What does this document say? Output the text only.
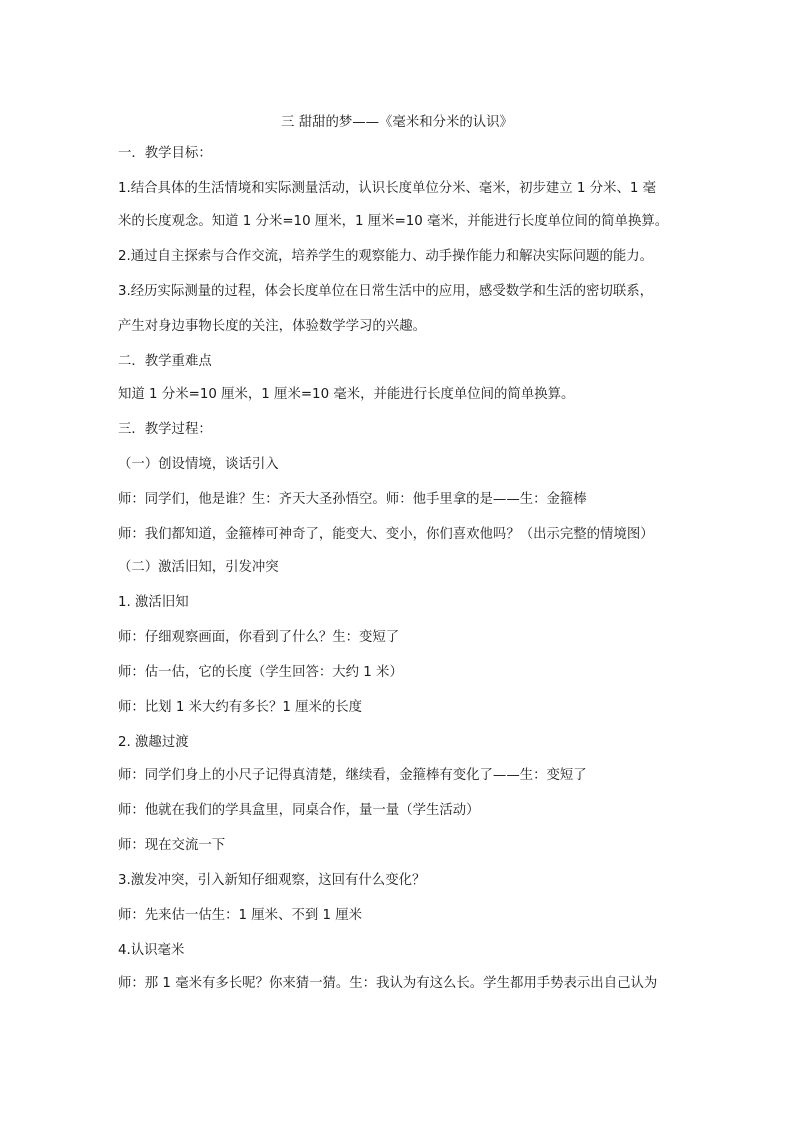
三 甜甜的梦——《毫米和分米的认识》
一．教学目标：
1.结合具体的生活情境和实际测量活动，认识长度单位分米、毫米，初步建立 1 分米、1 毫
米的长度观念。知道 1 分米=10 厘米，1 厘米=10 毫米，并能进行长度单位间的简单换算。
2.通过自主探索与合作交流，培养学生的观察能力、动手操作能力和解决实际问题的能力。
3.经历实际测量的过程，体会长度单位在日常生活中的应用，感受数学和生活的密切联系，
产生对身边事物长度的关注，体验数学学习的兴趣。
二．教学重难点
知道 1 分米=10 厘米，1 厘米=10 毫米，并能进行长度单位间的简单换算。
三．教学过程：
（一）创设情境，谈话引入
师：同学们，他是谁？生：齐天大圣孙悟空。师：他手里拿的是——生：金箍棒
师：我们都知道，金箍棒可神奇了，能变大、变小，你们喜欢他吗？（出示完整的情境图）
（二）激活旧知，引发冲突
1. 激活旧知
师：仔细观察画面，你看到了什么？生：变短了
师：估一估，它的长度（学生回答：大约 1 米）
师：比划 1 米大约有多长？1 厘米的长度
2. 激趣过渡
师：同学们身上的小尺子记得真清楚，继续看，金箍棒有变化了——生：变短了
师：他就在我们的学具盒里，同桌合作，量一量（学生活动）
师：现在交流一下
3.激发冲突，引入新知仔细观察，这回有什么变化？
师：先来估一估生：1 厘米、不到 1 厘米
4.认识毫米
师：那 1 毫米有多长呢？你来猜一猜。生：我认为有这么长。学生都用手势表示出自己认为
